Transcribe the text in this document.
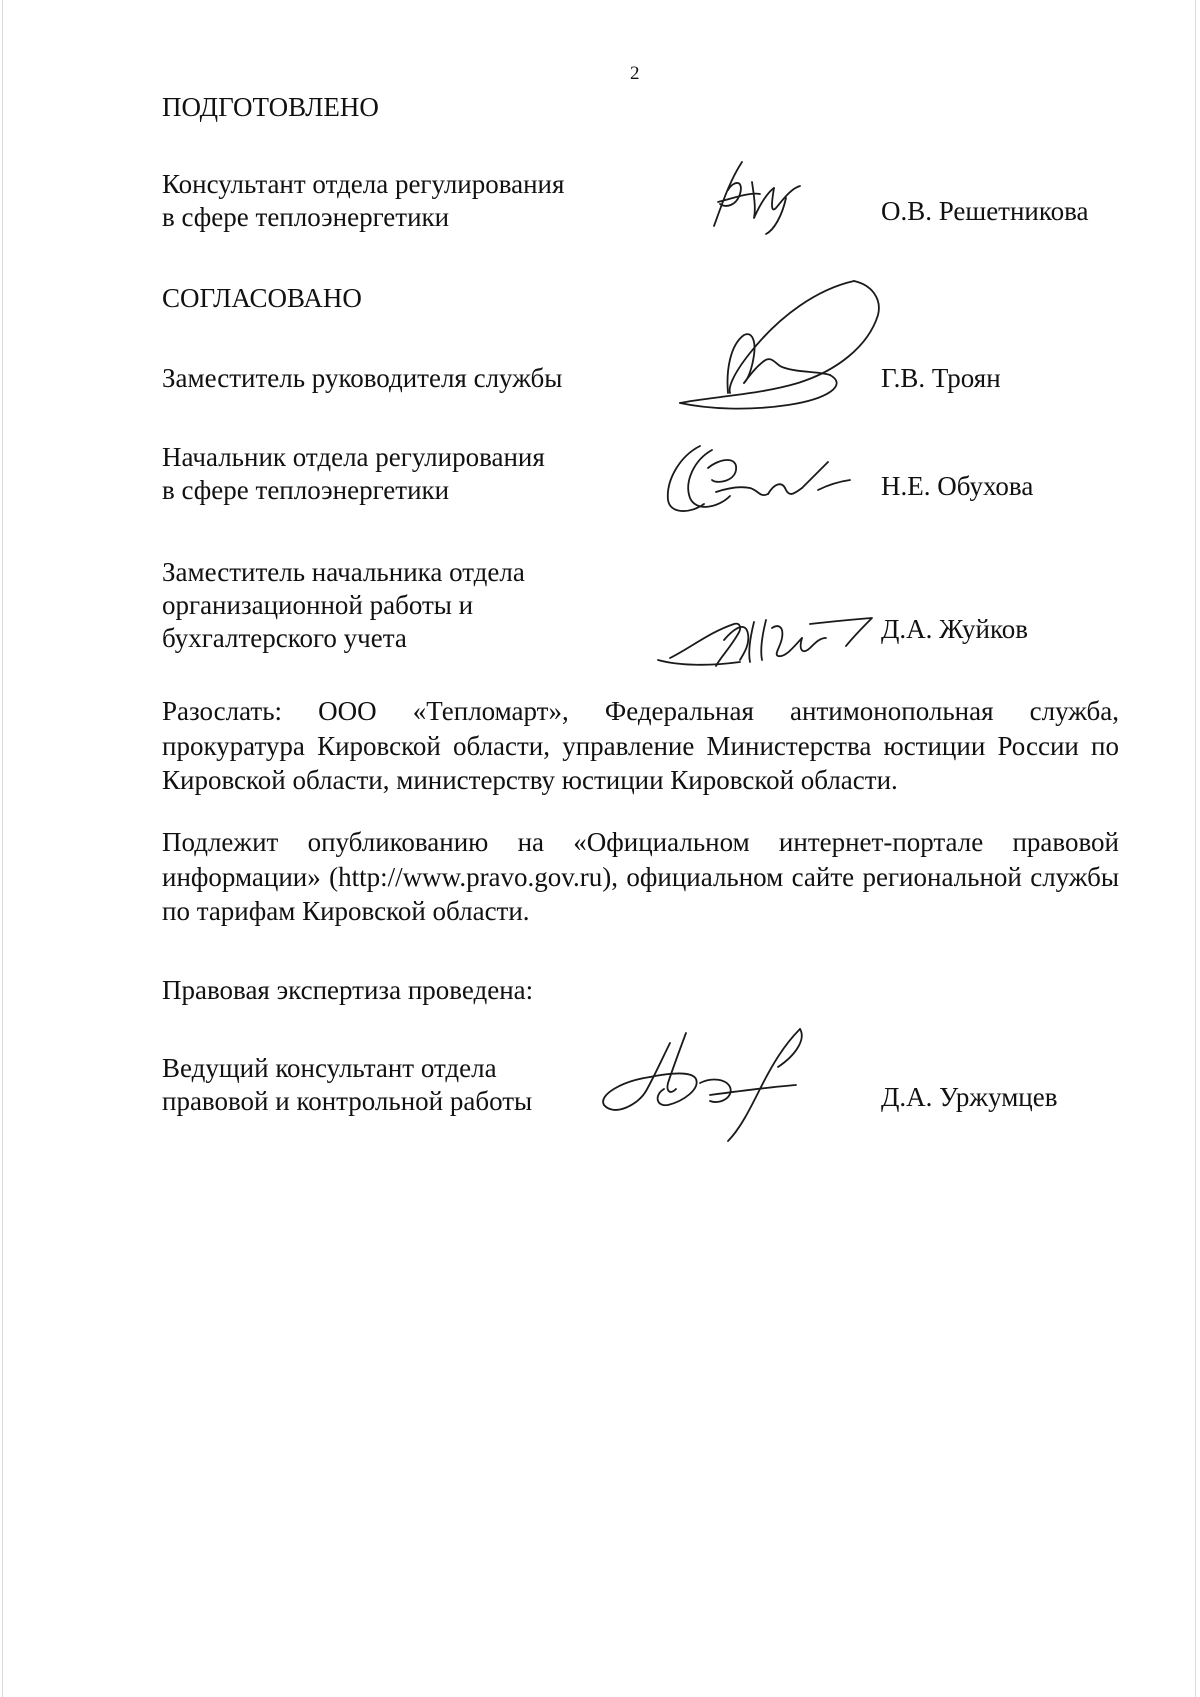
2
ПОДГОТОВЛЕНО
Консультант отдела регулирования
в сфере теплоэнергетики	О.В. Решетникова
СОГЛАСОВАНО
Заместитель руководителя службы	Г.В. Троян
Начальник отдела регулирования
в сфере теплоэнергетики	Н.Е. Обухова
Заместитель начальника отдела
организационной работы и
бухгалтерского учета	Д.А. Жуйков
Разослать: ООО «Тепломарт», Федеральная антимонопольная служба, прокуратура Кировской области, управление Министерства юстиции России по Кировской области, министерству юстиции Кировской области.
Подлежит опубликованию на «Официальном интернет-портале правовой информации» (http://www.pravo.gov.ru), официальном сайте региональной службы по тарифам Кировской области.
Правовая экспертиза проведена:
Ведущий консультант отдела
правовой и контрольной работы	Д.А. Уржумцев
